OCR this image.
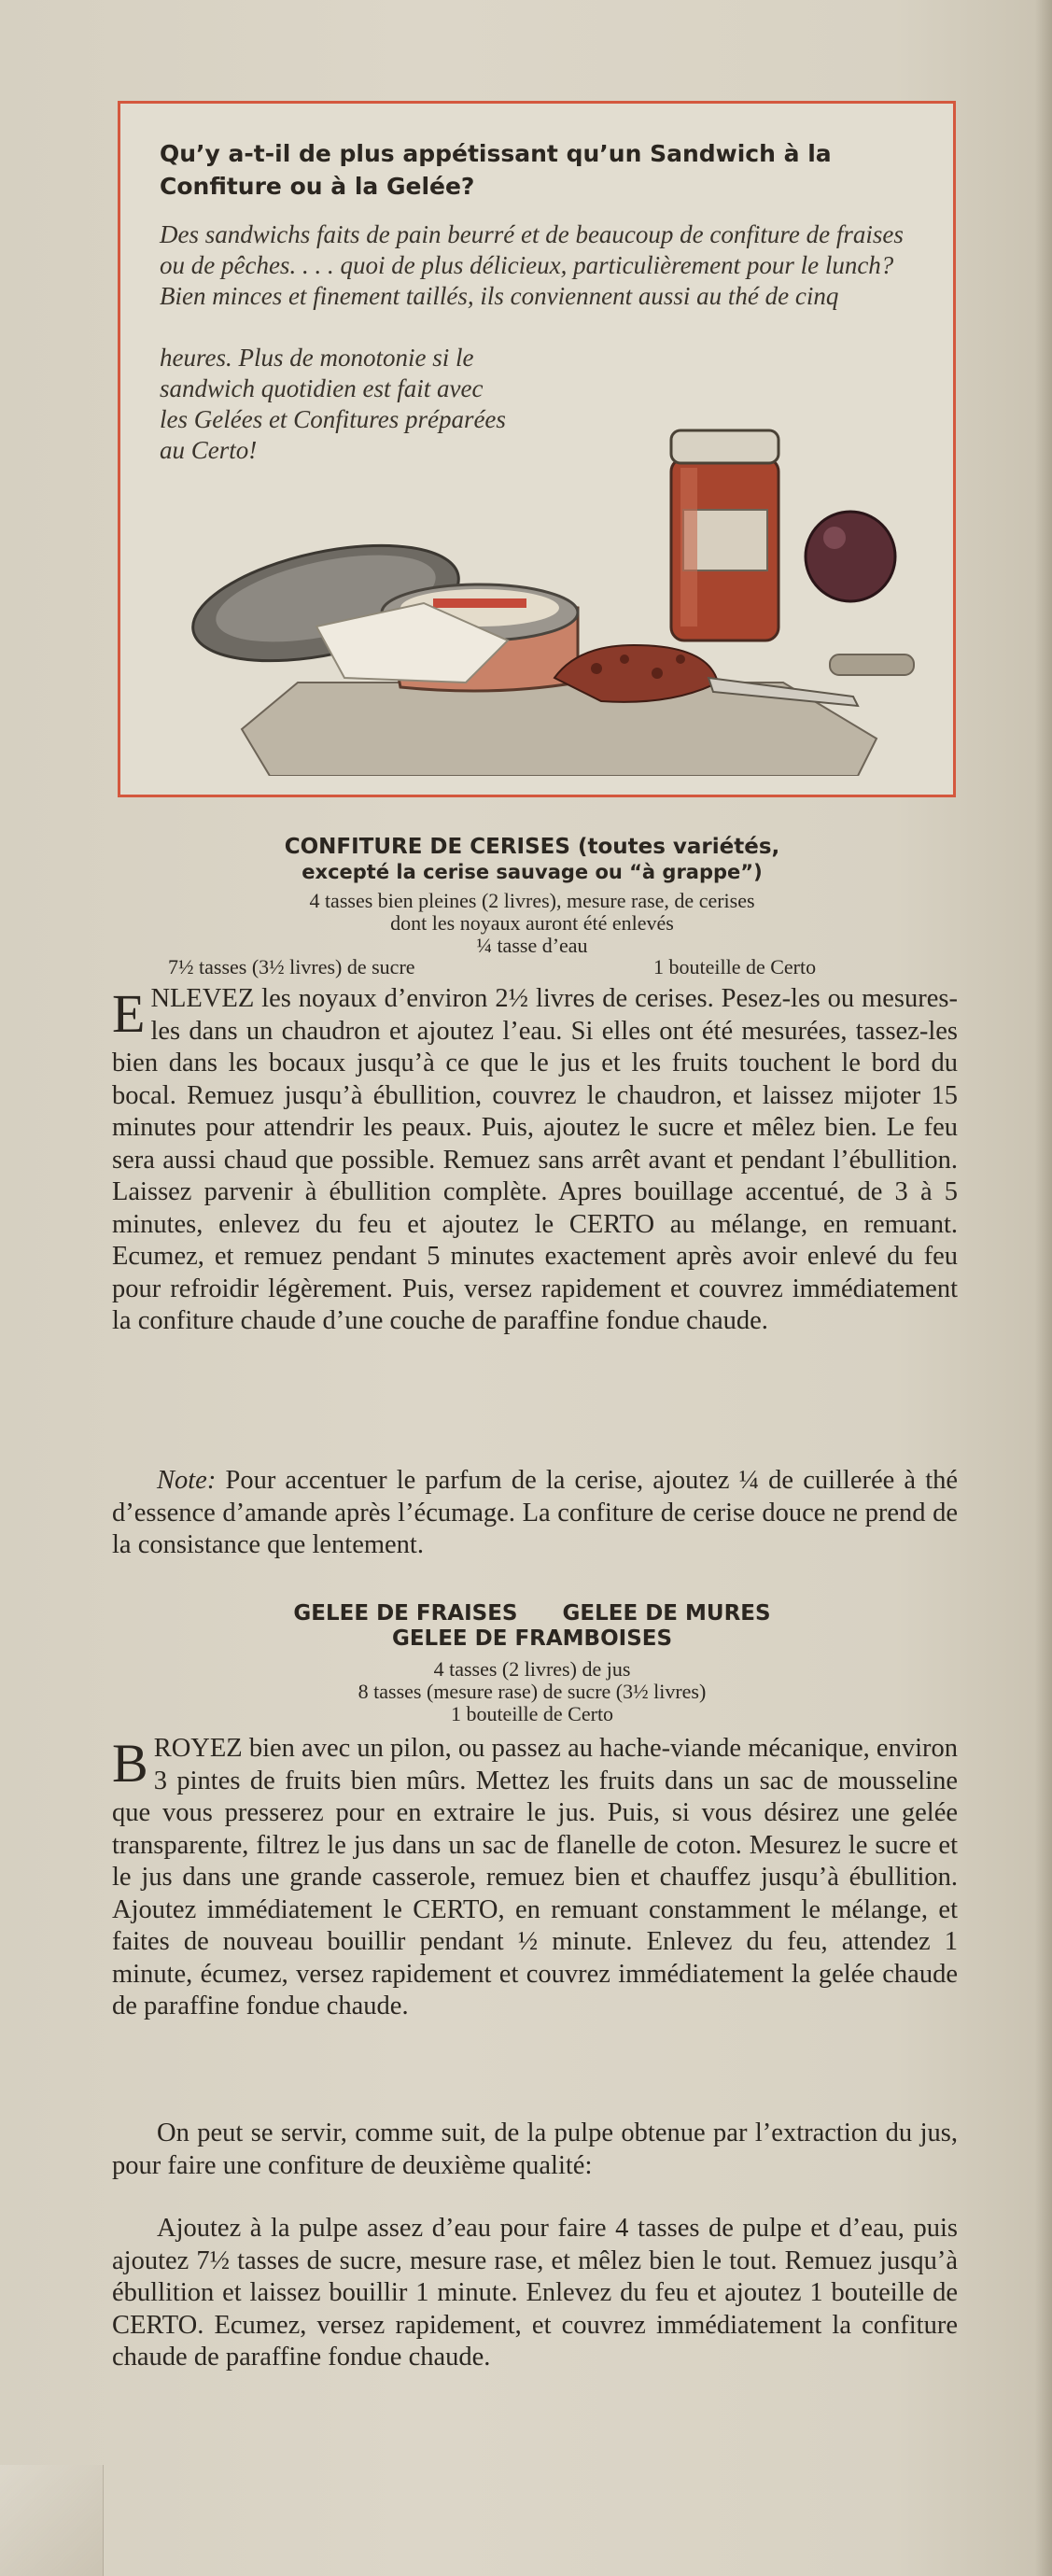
Qu’y a-t-il de plus appétissant qu’un Sandwich à la Confiture ou à la Gelée?

Des sandwichs faits de pain beurré et de beaucoup de confiture de fraises ou de pêches. . . . quoi de plus délicieux, particulièrement pour le lunch? Bien minces et finement taillés, ils conviennent aussi au thé de cinq

heures. Plus de monotonie si le sandwich quotidien est fait avec les Gelées et Confitures préparées au Certo!

CONFITURE DE CERISES (toutes variétés,

excepté la cerise sauvage ou “à grappe”)

4 tasses bien pleines (2 livres), mesure rase, de cerises

dont les noyaux auront été enlevés

¼ tasse d’eau

7½ tasses (3½ livres) de sucre	1 bouteille de Certo

ENLEVEZ les noyaux d’environ 2½ livres de cerises. Pesez-les ou mesures-les dans un chaudron et ajoutez l’eau. Si elles ont été mesurées, tassez-les bien dans les bocaux jusqu’à ce que le jus et les fruits touchent le bord du bocal. Remuez jusqu’à ébullition, couvrez le chaudron, et laissez mijoter 15 minutes pour attendrir les peaux. Puis, ajoutez le sucre et mêlez bien. Le feu sera aussi chaud que possible. Remuez sans arrêt avant et pendant l’ébullition. Laissez parvenir à ébullition complète. Apres bouillage accentué, de 3 à 5 minutes, enlevez du feu et ajoutez le CERTO au mélange, en remuant. Ecumez, et remuez pendant 5 minutes exactement après avoir enlevé du feu pour refroidir légèrement. Puis, versez rapidement et couvrez immédiatement la confiture chaude d’une couche de paraffine fondue chaude.

Note: Pour accentuer le parfum de la cerise, ajoutez ¼ de cuillerée à thé d’essence d’amande après l’écumage. La confiture de cerise douce ne prend de la consistance que lentement.

GELEE DE FRAISES      GELEE DE MURES

GELEE DE FRAMBOISES

4 tasses (2 livres) de jus

8 tasses (mesure rase) de sucre (3½ livres)

1 bouteille de Certo

BROYEZ bien avec un pilon, ou passez au hache-viande mécanique, environ 3 pintes de fruits bien mûrs. Mettez les fruits dans un sac de mousseline que vous presserez pour en extraire le jus. Puis, si vous désirez une gelée transparente, filtrez le jus dans un sac de flanelle de coton. Mesurez le sucre et le jus dans une grande casserole, remuez bien et chauffez jusqu’à ébullition. Ajoutez immédiatement le CERTO, en remuant constamment le mélange, et faites de nouveau bouillir pendant ½ minute. Enlevez du feu, attendez 1 minute, écumez, versez rapidement et couvrez immédiatement la gelée chaude de paraffine fondue chaude.

On peut se servir, comme suit, de la pulpe obtenue par l’extraction du jus, pour faire une confiture de deuxième qualité:

Ajoutez à la pulpe assez d’eau pour faire 4 tasses de pulpe et d’eau, puis ajoutez 7½ tasses de sucre, mesure rase, et mêlez bien le tout. Remuez jusqu’à ébullition et laissez bouillir 1 minute. Enlevez du feu et ajoutez 1 bouteille de CERTO. Ecumez, versez rapidement, et couvrez immédiatement la confiture chaude de paraffine fondue chaude.
